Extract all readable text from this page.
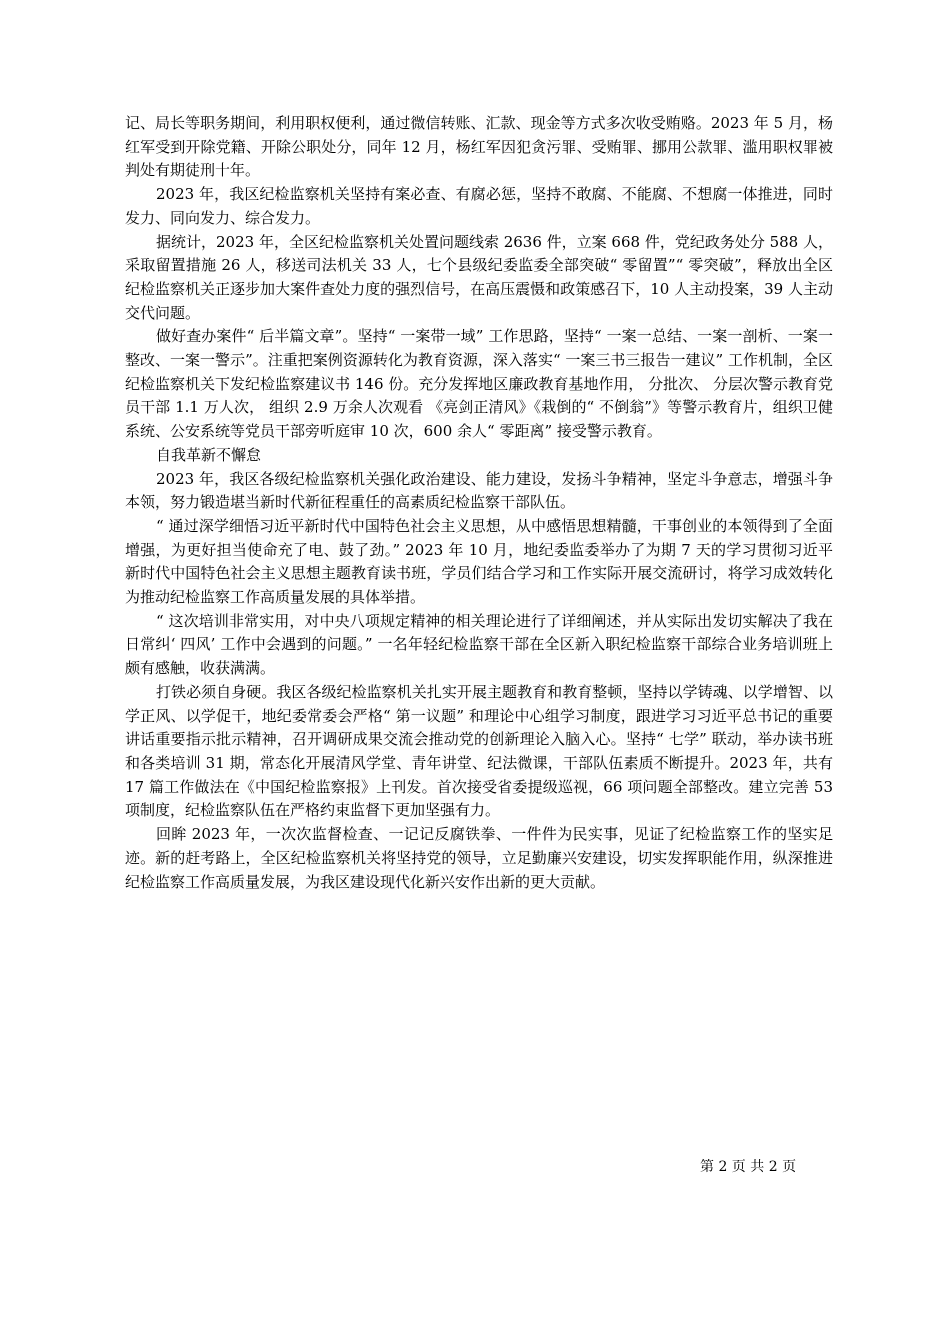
记、局长等职务期间，利用职权便利，通过微信转账、汇款、现金等方式多次收受贿赂。2023 年 5 月，杨红军受到开除党籍、开除公职处分，同年 12 月，杨红军因犯贪污罪、受贿罪、挪用公款罪、滥用职权罪被判处有期徒刑十年。

2023 年，我区纪检监察机关坚持有案必查、有腐必惩，坚持不敢腐、不能腐、不想腐一体推进，同时发力、同向发力、综合发力。

据统计，2023 年，全区纪检监察机关处置问题线索 2636 件，立案 668 件，党纪政务处分 588 人，采取留置措施 26 人，移送司法机关 33 人，七个县级纪委监委全部突破“ 零留置”“ 零突破”，释放出全区纪检监察机关正逐步加大案件查处力度的强烈信号，在高压震慑和政策感召下，10 人主动投案，39 人主动交代问题。

做好查办案件“ 后半篇文章”。坚持“ 一案带一域” 工作思路，坚持“ 一案一总结、一案一剖析、一案一整改、一案一警示”。注重把案例资源转化为教育资源，深入落实“ 一案三书三报告一建议” 工作机制，全区纪检监察机关下发纪检监察建议书 146 份。充分发挥地区廉政教育基地作用， 分批次、 分层次警示教育党员干部 1.1 万人次， 组织 2.9 万余人次观看 《亮剑正清风》《栽倒的“ 不倒翁”》等警示教育片，组织卫健系统、公安系统等党员干部旁听庭审 10 次，600 余人“ 零距离” 接受警示教育。

自我革新不懈怠

2023 年，我区各级纪检监察机关强化政治建设、能力建设，发扬斗争精神，坚定斗争意志，增强斗争本领，努力锻造堪当新时代新征程重任的高素质纪检监察干部队伍。

“ 通过深学细悟习近平新时代中国特色社会主义思想，从中感悟思想精髓，干事创业的本领得到了全面增强，为更好担当使命充了电、鼓了劲。” 2023 年 10 月，地纪委监委举办了为期 7 天的学习贯彻习近平新时代中国特色社会主义思想主题教育读书班，学员们结合学习和工作实际开展交流研讨，将学习成效转化为推动纪检监察工作高质量发展的具体举措。

“ 这次培训非常实用，对中央八项规定精神的相关理论进行了详细阐述，并从实际出发切实解决了我在日常纠‘ 四风’ 工作中会遇到的问题。” 一名年轻纪检监察干部在全区新入职纪检监察干部综合业务培训班上颇有感触，收获满满。

打铁必须自身硬。我区各级纪检监察机关扎实开展主题教育和教育整顿，坚持以学铸魂、以学增智、以学正风、以学促干，地纪委常委会严格“ 第一议题” 和理论中心组学习制度，跟进学习习近平总书记的重要讲话重要指示批示精神，召开调研成果交流会推动党的创新理论入脑入心。坚持“ 七学” 联动，举办读书班和各类培训 31 期，常态化开展清风学堂、青年讲堂、纪法微课，干部队伍素质不断提升。2023 年，共有 17 篇工作做法在《中国纪检监察报》上刊发。首次接受省委提级巡视，66 项问题全部整改。建立完善 53 项制度，纪检监察队伍在严格约束监督下更加坚强有力。

回眸 2023 年，一次次监督检查、一记记反腐铁拳、一件件为民实事，见证了纪检监察工作的坚实足迹。新的赶考路上，全区纪检监察机关将坚持党的领导，立足勤廉兴安建设，切实发挥职能作用，纵深推进纪检监察工作高质量发展，为我区建设现代化新兴安作出新的更大贡献。

第 2 页 共 2 页
